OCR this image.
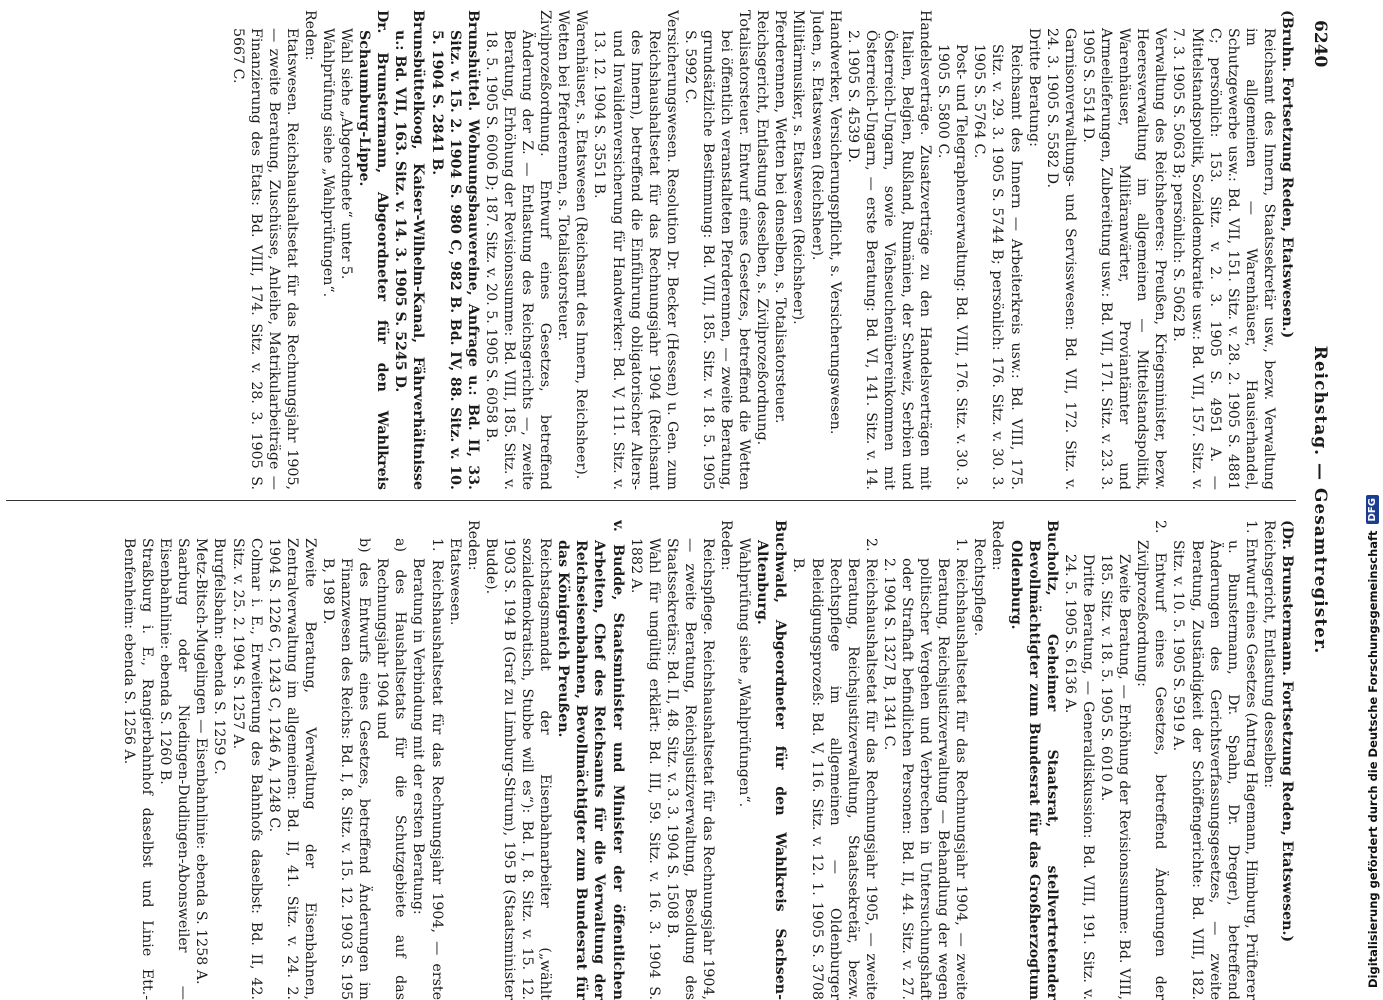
6240
Reichstag. — Gesamtregister.

(Bruhn. Fortsetzung Reden, Etatswesen.)

Reichsamt des Innern, Staatssekretär usw., bezw. Verwaltung im allgemeinen — Warenhäuser, Hausierhandel, Schutzgewerbe usw.: Bd. VII, 151. Sitz. v. 28. 2. 1905 S. 4881 C; persönlich: 153. Sitz. v. 2. 3. 1905 S. 4951 A. — Mittelstandspolitik, Sozialdemokratie usw.: Bd. VII, 157. Sitz. v. 7. 3. 1905 S. 5063 B; persönlich: S. 5062 B.

Verwaltung des Reichsheeres: Preußen, Kriegsminister, bezw. Heeresverwaltung im allgemeinen — Mittelstandspolitik, Warenhäuser, Militäranwärter, Proviantämter und Armeelieferungen, Zubereitung usw.: Bd. VII, 171. Sitz. v. 23. 3. 1905 S. 5514 D.

Garnisonverwaltungs- und Servisswesen: Bd. VII, 172. Sitz. v. 24. 3. 1905 S. 5582 D.

Dritte Beratung:

Reichsamt des Innern — Arbeiterkreis usw.: Bd. VIII, 175. Sitz. v. 29. 3. 1905 S. 5744 B; persönlich: 176. Sitz. v. 30. 3. 1905 S. 5764 C.

Post- und Telegraphenverwaltung: Bd. VIII, 176. Sitz. v. 30. 3. 1905 S. 5800 C.

Handelsverträge. Zusatzverträge zu den Handelsverträgen mit Italien, Belgien, Rußland, Rumänien, der Schweiz, Serbien und Österreich-Ungarn, sowie Viehseuchenübereinkommen mit Österreich-Ungarn, — erste Beratung: Bd. VI, 141. Sitz. v. 14. 2. 1905 S. 4539 D.

Handwerker, Versicherungspflicht, s. Versicherungswesen.

Juden, s. Etatswesen (Reichsheer).

Militärmusiker, s. Etatswesen (Reichsheer).

Pferderennen, Wetten bei denselben, s. Totalisatorsteuer.

Reichsgericht, Entlastung desselben, s. Zivilprozeßordnung.

Totalisatorsteuer. Entwurf eines Gesetzes, betreffend die Wetten bei öffentlich veranstalteten Pferderennen, — zweite Beratung, grundsätzliche Bestimmung: Bd. VIII, 185. Sitz. v. 18. 5. 1905 S. 5992 C.

Versicherungswesen. Resolution Dr. Becker (Hessen) u. Gen. zum Reichshaushaltsetat für das Rechnungsjahr 1904 (Reichsamt des Innern), betreffend die Einführung obligatorischer Alters- und Invalidenversicherung für Handwerker: Bd. V, 111. Sitz. v. 13. 12. 1904 S. 3551 B.

Warenhäuser, s. Etatswesen (Reichsamt des Innern, Reichsheer).

Wetten bei Pferderennen, s. Totalisatorsteuer.

Zivilprozeßordnung. Entwurf eines Gesetzes, betreffend Änderung der Z. — Entlastung des Reichsgerichts —, zweite Beratung, Erhöhung der Revisionssumme: Bd. VIII, 185. Sitz. v. 18. 5. 1905 S. 6006 D; 187. Sitz. v. 20. 5. 1905 S. 6058 B.

Brunshüttel. Wohnungsbauvereine, Anfrage u.: Bd. II, 33. Sitz. v. 15. 2. 1904 S. 980 C, 982 B. Bd. IV, 88. Sitz. v. 10. 5. 1904 S. 2841 B.

Brunsbüttelkoog, Kaiser-Wilhelm-Kanal, Fährverhältnisse u.: Bd. VII, 163. Sitz. v. 14. 3. 1905 S. 5245 D.

Dr. Brunstermann, Abgeordneter für den Wahlkreis Schaumburg-Lippe.

Wahl siehe „Abgeordnete“ unter 5.

Wahlprüfung siehe „Wahlprüfungen“.

Reden:

Etatswesen. Reichshaushaltsetat für das Rechnungsjahr 1905, — zweite Beratung, Zuschüsse, Anleihe, Matrikularbeiträge — Finanzierung des Etats: Bd. VIII, 174. Sitz. v. 28. 3. 1905 S. 5667 C.

(Dr. Brunstermann. Fortsetzung Reden, Etatswesen.)

Reichsgericht, Entlastung desselben:

1. Entwurf eines Gesetzes (Antrag Hagemann, Himburg, Prüfterer u. Bunstermann, Dr. Spahn, Dr. Dreger), betreffend Änderungen des Gerichtsverfassungsgesetzes, — zweite Beratung, Zuständigkeit der Schöffengerichte: Bd. VIII, 182. Sitz. v. 10. 5. 1905 S. 5919 A.

2. Entwurf eines Gesetzes, betreffend Änderungen der Zivilprozeßordnung:

Zweite Beratung, — Erhöhung der Revisionssumme: Bd. VIII, 185. Sitz. v. 18. 5. 1905 S. 6010 A.

Dritte Beratung, — Generaldiskussion: Bd. VIII, 191. Sitz. v. 24. 5. 1905 S. 6136 A.

Bucholtz, Geheimer Staatsrat, stellvertretender Bevollmächtigter zum Bundesrat für das Großherzogtum Oldenburg.

Reden:

Rechtspflege.

1. Reichshaushaltsetat für das Rechnungsjahr 1904, — zweite Beratung, Reichsjustizverwaltung — Behandlung der wegen politischer Vergehen und Verbrechen in Untersuchungshaft oder Strafhaft befindlichen Personen: Bd. II, 44. Sitz. v. 27. 2. 1904 S. 1327 B, 1341 C.

2. Reichshaushaltsetat für das Rechnungsjahr 1905, — zweite Beratung, Reichsjustizverwaltung, Staatssekretär, bezw. Rechtspflege im allgemeinen — Oldenburger Beleidigungsprozeß: Bd. V, 116. Sitz. v. 12. 1. 1905 S. 3708 B.

Buchwald, Abgeordneter für den Wahlkreis Sachsen-Altenburg.

Wahlprüfung siehe „Wahlprüfungen“.

Reden:

Reichspflege. Reichshaushaltsetat für das Rechnungsjahr 1904, — zweite Beratung, Reichsjustizverwaltung, Besoldung des Staatssekretärs: Bd. II, 48. Sitz. v. 3. 3. 1904 S. 1508 B.

Wahl für ungültig erklärt: Bd. III, 59. Sitz. v. 16. 3. 1904 S. 1882 A.

v. Budde, Staatsminister und Minister der öffentlichen Arbeiten, Chef des Reichsamts für die Verwaltung der Reichseisenbahnen, Bevollmächtigter zum Bundesrat für das Königreich Preußen.

Reichstagsmandat der Eisenbahnarbeiter („wählt sozialdemokratisch, Stubbe will es“): Bd. I, 8. Sitz. v. 15. 12. 1903 S. 194 B (Graf zu Limburg-Stirum), 195 B (Staatsminister Budde).

Reden:

Etatswesen.

1. Reichshaushaltsetat für das Rechnungsjahr 1904, — erste Beratung in Verbindung mit der ersten Beratung:

a) des Haushaltsetats für die Schutzgebiete auf das Rechnungsjahr 1904 und

b) des Entwurfs eines Gesetzes, betreffend Änderungen im Finanzwesen des Reichs: Bd. I, 8. Sitz. v. 15. 12. 1903 S. 195 B, 198 D.

Zweite Beratung, Verwaltung der Eisenbahnen, Zentralverwaltung im allgemeinen: Bd. II, 41. Sitz. v. 24. 2. 1904 S. 1226 C, 1243 C, 1246 A, 1248 C.

Colmar i. E., Erweiterung des Bahnhofs daselbst: Bd. II, 42. Sitz. v. 25. 2. 1904 S. 1257 A.

Burgfelsbahn: ebenda S. 1259 C.

Metz-Bitsch-Mugelingen — Eisenbahnlinie: ebenda S. 1258 A.

Saarburg oder Niedingen-Dudlingen-Abonsweiler — Eisenbahnlinie: ebenda S. 1260 B.

Straßburg i. E., Rangierbahnhof daselbst und Linie Ett.-Benfenheim: ebenda S. 1256 A.	Digitalisierung gefördert durch die Deutsche Forschungsgemeinschaft
DFG
